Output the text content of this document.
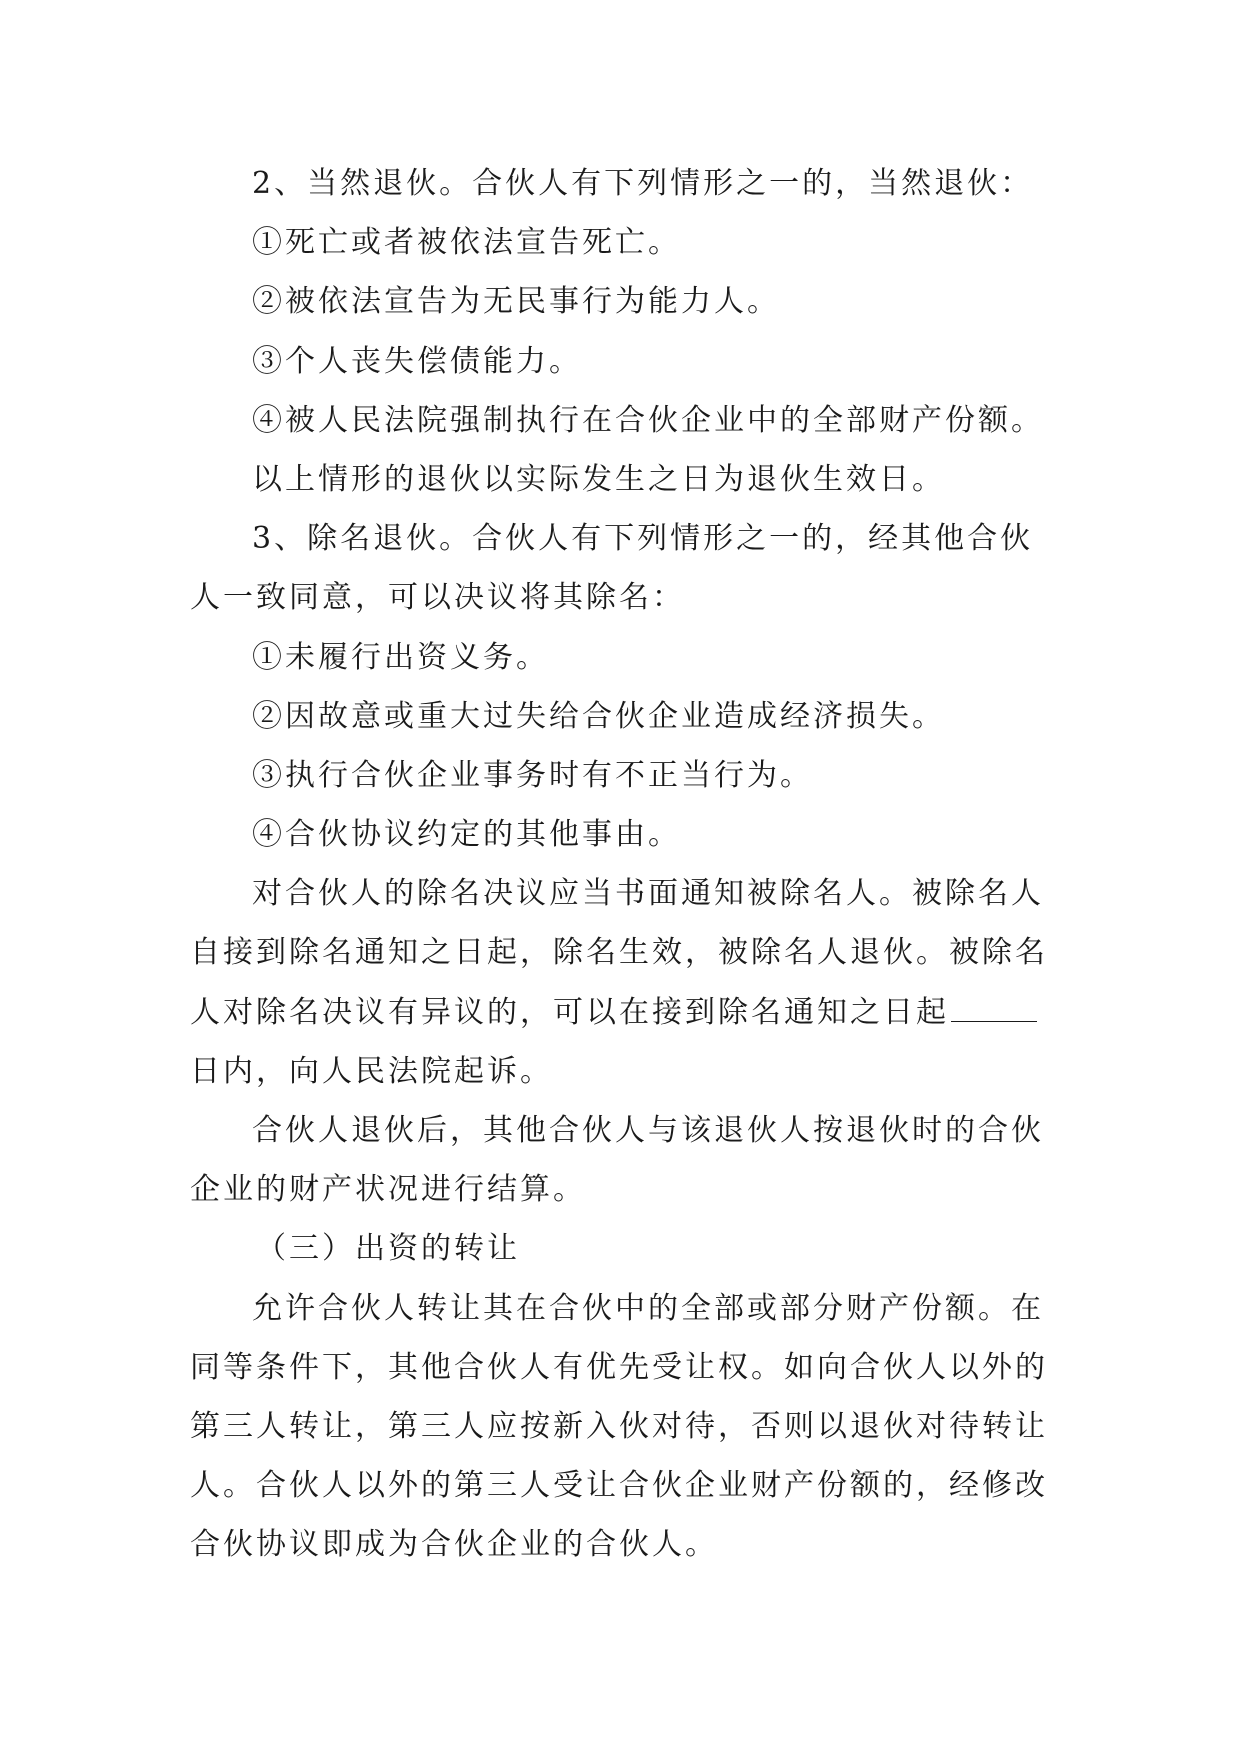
2、当然退伙。合伙人有下列情形之一的，当然退伙：
①死亡或者被依法宣告死亡。
②被依法宣告为无民事行为能力人。
③个人丧失偿债能力。
④被人民法院强制执行在合伙企业中的全部财产份额。
以上情形的退伙以实际发生之日为退伙生效日。
3、除名退伙。合伙人有下列情形之一的，经其他合伙
人一致同意，可以决议将其除名：
①未履行出资义务。
②因故意或重大过失给合伙企业造成经济损失。
③执行合伙企业事务时有不正当行为。
④合伙协议约定的其他事由。
对合伙人的除名决议应当书面通知被除名人。被除名人
自接到除名通知之日起，除名生效，被除名人退伙。被除名
人对除名决议有异议的，可以在接到除名通知之日起
日内，向人民法院起诉。
合伙人退伙后，其他合伙人与该退伙人按退伙时的合伙
企业的财产状况进行结算。
（三）出资的转让
允许合伙人转让其在合伙中的全部或部分财产份额。在
同等条件下，其他合伙人有优先受让权。如向合伙人以外的
第三人转让，第三人应按新入伙对待，否则以退伙对待转让
人。合伙人以外的第三人受让合伙企业财产份额的，经修改
合伙协议即成为合伙企业的合伙人。
